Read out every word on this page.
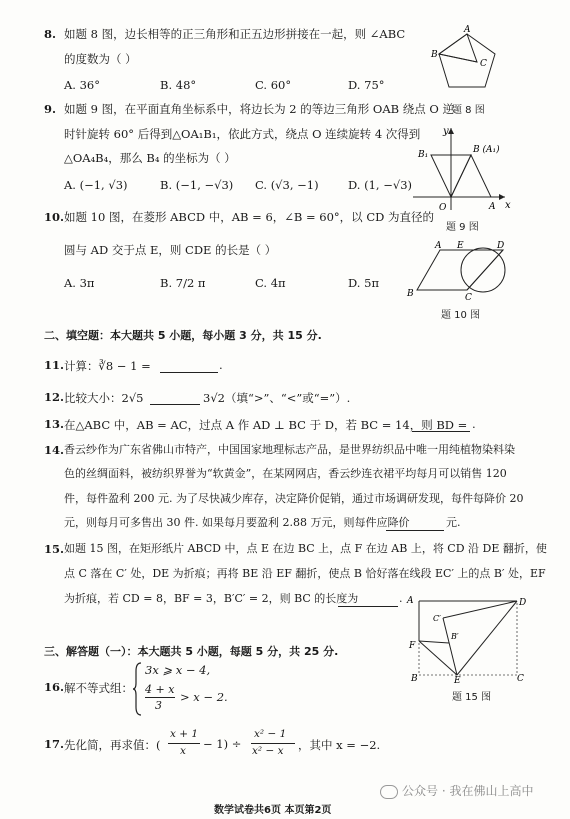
8. 如题 8 图，边长相等的正三角形和正五边形拼接在一起，则 ∠ABC
的度数为（ ）
A. 36°	B. 48°	C. 60°	D. 75°
A
B
C
题 8 图
9. 如题 9 图，在平面直角坐标系中，将边长为 2 的等边三角形 OAB 绕点 O 逆
时针旋转 60° 后得到△OA₁B₁，依此方式，绕点 O 连续旋转 4 次得到
△OA₄B₄，那么 B₄ 的坐标为（ ）
A. (−1, √3)	B. (−1, −√3) C. (√3, −1)	D. (1, −√3)
y
x
O	A
B₁	B (A₁)
题 9 图
10. 如题 10 图，在菱形 ABCD 中，AB = 6，∠B = 60°，以 CD 为直径的
圆与 AD 交于点 E，则 CDE 的长是（ ）
A. 3π	B. 7/2 π	C. 4π	D. 5π
A E	D
B	C
题 10 图
二、填空题：本大题共 5 小题，每小题 3 分，共 15 分.
11. 计算：∛8 − 1 =	.
12. 比较大小：2√5	3√2（填“>”、“<”或“=”）.
13. 在△ABC 中，AB = AC，过点 A 作 AD ⊥ BC 于 D，若 BC = 14，则 BD = .
14. 香云纱作为广东省佛山市特产，中国国家地理标志产品，是世界纺织品中唯一用纯植物染料染
色的丝绸面料，被纺织界誉为“软黄金”，在某网网店，香云纱连衣裙平均每月可以销售 120
件，每件盈利 200 元. 为了尽快减少库存，决定降价促销，通过市场调研发现，每件每降价 20
元，则每月可多售出 30 件. 如果每月要盈利 2.88 万元，则每件应降价	元.
15. 如题 15 图，在矩形纸片 ABCD 中，点 E 在边 BC 上，点 F 在边 AB 上，将 CD 沿 DE 翻折，使
点 C 落在 C′ 处，DE 为折痕；再将 BE 沿 EF 翻折，使点 B 恰好落在线段 EC′ 上的点 B′ 处，EF
为折痕，若 CD = 8，BF = 3，B′C′ = 2，则 BC 的长度为	. A	D
C′
B′
F
B	E	C
题 15 图
三、解答题（一）：本大题共 5 小题，每题 5 分，共 25 分.
16. 解不等式组：
3x ⩾ x − 4,
4 + x
3
> x − 2.
17. 先化简，再求值：(
x + 1
x − 1) ÷
x² − 1
x² − x ，其中 x = −2.
公众号 · 我在佛山上高中
数学试卷共6页 本页第2页
